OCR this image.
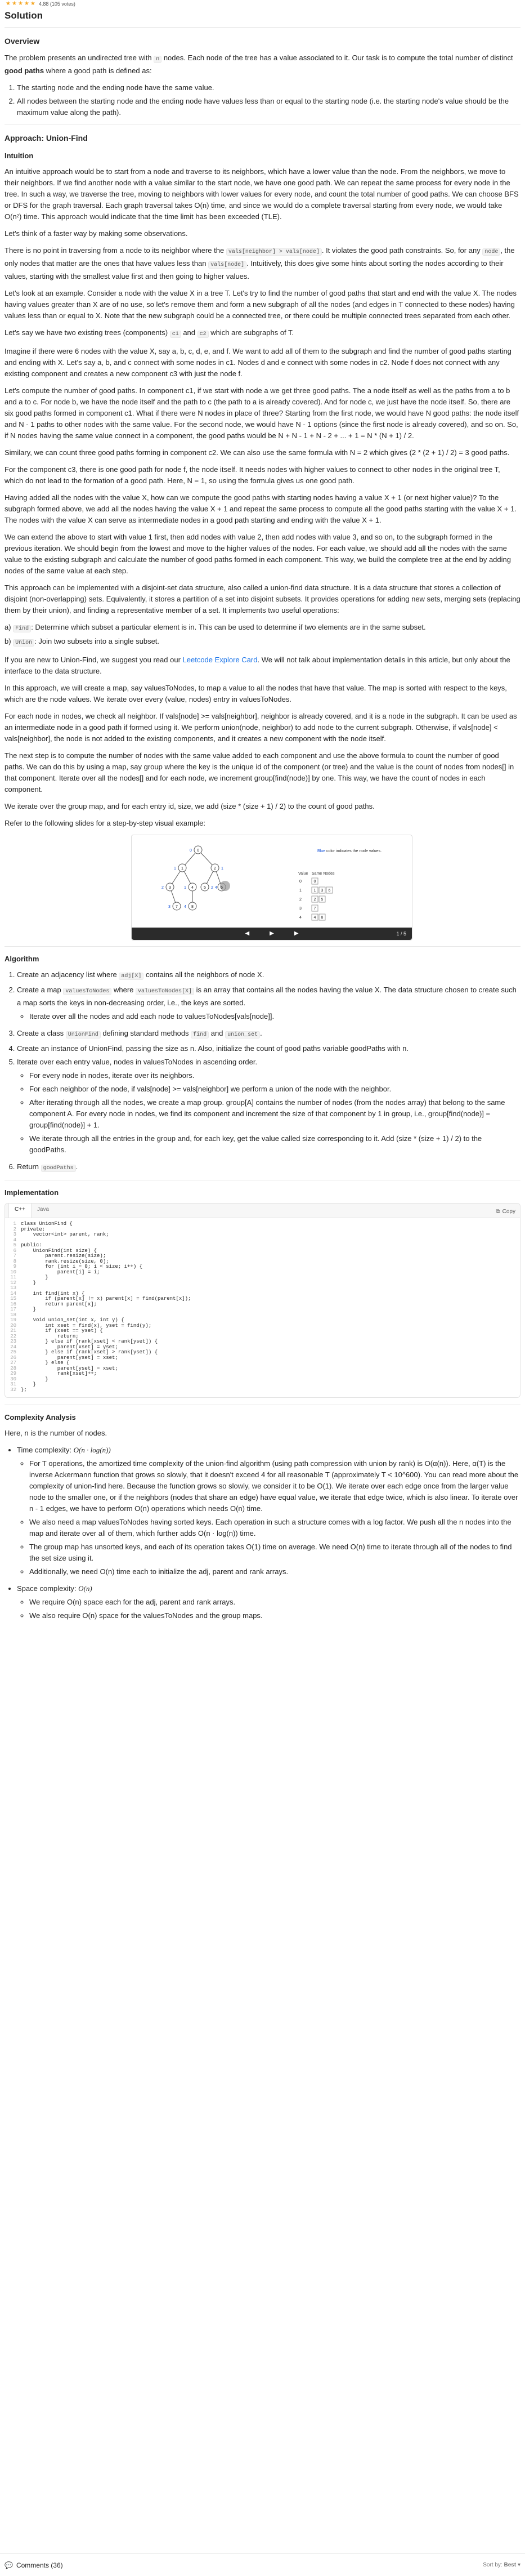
★ ★ ★ ★ ★ 4.88 (105 votes)
Solution
Overview

The problem presents an undirected tree with n nodes. Each node of the tree has a value associated to it. Our task is to compute the total number of distinct good paths where a good path is defined as:

1. The starting node and the ending node have the same value.
2. All nodes between the starting node and the ending node have values less than or equal to the starting node (i.e. the starting node's value should be the maximum value along the path).
Approach: Union-Find
Intuition

An intuitive approach would be to start from a node and traverse to its neighbors, which have a lower value than the node. From the neighbors, we move to their neighbors. If we find another node with a value similar to the start node, we have one good path. We can repeat the same process for every node in the tree. In such a way, we traverse the tree, moving to neighbors with lower values for every node, and count the total number of good paths. We can choose BFS or DFS for the graph traversal. Each graph traversal takes O(n) time, and since we would do a complete traversal starting from every node, we would take O(n²) time. This approach would indicate that the time limit has been exceeded (TLE).

Let's think of a faster way by making some observations.

There is no point in traversing from a node to its neighbor where the vals[neighbor] > vals[node] . It violates the good path constraints. So, for any node , the only nodes that matter are the ones that have values less than vals[node] . Intuitively, this does give some hints about sorting the nodes according to their values, starting with the smallest value first and then going to higher values.

Let's look at an example. Consider a node with the value X in a tree T. Let's try to find the number of good paths that start and end with the value X. The nodes having values greater than X are of no use, so let's remove them and form a new subgraph of all the nodes (and edges in T connected to these nodes) having values less than or equal to X. Note that the new subgraph could be a connected tree, or there could be multiple connected trees separated from each other.

Let's say we have two existing trees (components) c1 and c2 which are subgraphs of T.

Imagine if there were 6 nodes with the value X, say a, b, c, d, e, and f. We want to add all of them to the subgraph and find the number of good paths starting and ending with X. Let's say a, b, and c connect with some nodes in c1. Nodes d and e connect with some nodes in c2. Node f does not connect with any existing component and creates a new component c3 with just the node f.

Let's compute the number of good paths. In component c1, if we start with node a we get three good paths. The a node itself as well as the paths from a to b and a to c. For node b, we have the node itself and the path to c (the path to a is already covered). And for node c, we just have the node itself. So, there are six good paths formed in component c1. What if there were N nodes in place of three? Starting from the first node, we would have N good paths: the node itself and N - 1 paths to other nodes with the same value. For the second node, we would have N - 1 options (since the first node is already covered), and so on. So, if N nodes having the same value connect in a component, the good paths would be N + N - 1 + N - 2 + ... + 1 = N * (N + 1) / 2.

Similary, we can count three good paths forming in component c2. We can also use the same formula with N = 2 which gives (2 * (2 + 1) / 2) = 3 good paths.

For the component c3, there is one good path for node f, the node itself. It needs nodes with higher values to connect to other nodes in the original tree T, which do not lead to the formation of a good path. Here, N = 1, so using the formula gives us one good path.

Having added all the nodes with the value X, how can we compute the good paths with starting nodes having a value X + 1 (or next higher value)? To the subgraph formed above, we add all the nodes having the value X + 1 and repeat the same process to compute all the good paths starting with the value X + 1. The nodes with the value X can serve as intermediate nodes in a good path starting and ending with the value X + 1.

We can extend the above to start with value 1 first, then add nodes with value 2, then add nodes with value 3, and so on, to the subgraph formed in the previous iteration. We should begin from the lowest and move to the higher values of the nodes. For each value, we should add all the nodes with the same value to the existing subgraph and calculate the number of good paths formed in each component. This way, we build the complete tree at the end by adding nodes of the same value at each step.

This approach can be implemented with a disjoint-set data structure, also called a union-find data structure. It is a data structure that stores a collection of disjoint (non-overlapping) sets. Equivalently, it stores a partition of a set into disjoint subsets. It provides operations for adding new sets, merging sets (replacing them by their union), and finding a representative member of a set. It implements two useful operations:

a) Find : Determine which subset a particular element is in. This can be used to determine if two elements are in the same subset.

b) Union : Join two subsets into a single subset.

If you are new to Union-Find, we suggest you read our Leetcode Explore Card. We will not talk about implementation details in this article, but only about the interface to the data structure.

In this approach, we will create a map, say valuesToNodes, to map a value to all the nodes that have that value. The map is sorted with respect to the keys, which are the node values. We iterate over every (value, nodes) entry in valuesToNodes.

For each node in nodes, we check all neighbor. If vals[node] >= vals[neighbor], neighbor is already covered, and it is a node in the subgraph. It can be used as an intermediate node in a good path if formed using it. We perform union(node, neighbor) to add node to the current subgraph. Otherwise, if vals[node] < vals[neighbor], the node is not added to the existing components, and it creates a new component with the node itself.

The next step is to compute the number of nodes with the same value added to each component and use the above formula to count the number of good paths. We can do this by using a map, say group where the key is the unique id of the component (or tree) and the value is the count of nodes from nodes[] in that component. Iterate over all the nodes[] and for each node, we increment group[find(node)] by one. This way, we have the count of nodes in each component.

We iterate over the group map, and for each entry id, size, we add (size * (size + 1) / 2) to the count of good paths.

Refer to the following slides for a step-by-step visual example:

0
1	2
3	4	5	6
7	8
0
1	1
2	1	2 4
3	4
Blue color indicates the node values.
Value Same Nodes
0	0
1	1 3 6
2	2 5
3	7
4	4 8
◀	▶	▶	1 / 5
Algorithm
1. Create an adjacency list where adj[X] contains all the neighbors of node X.
2. Create a map valuesToNodes where valuesToNodes[X] is an array that contains all the nodes having the value X. The data structure chosen to create such a map sorts the keys in non-decreasing order, i.e., the keys are sorted.
◦ Iterate over all the nodes and add each node to valuesToNodes[vals[node]].
3. Create a class UnionFind defining standard methods find and union_set .
4. Create an instance of UnionFind, passing the size as n. Also, initialize the count of good paths variable goodPaths with n.
5. Iterate over each entry value, nodes in valuesToNodes in ascending order.
◦ For every node in nodes, iterate over its neighbors.
◦ For each neighbor of the node, if vals[node] >= vals[neighbor] we perform a union of the node with the neighbor.
◦ After iterating through all the nodes, we create a map group. group[A] contains the number of nodes (from the nodes array) that belong to the same component A. For every node in nodes, we find its component and increment the size of that component by 1 in group, i.e., group[find(node)] = group[find(node)] + 1.
◦ We iterate through all the entries in the group and, for each key, get the value called size corresponding to it. Add (size * (size + 1) / 2) to the goodPaths.
6. Return goodPaths .
Implementation
C++	Java	⧉ Copy
1 class UnionFind {
2 private:
3 vector<int> parent, rank;
4
5 public:
6 UnionFind(int size) {
7 parent.resize(size);
8 rank.resize(size, 0);
9 for (int i = 0; i < size; i++) {
10 parent[i] = i;
11 }
12 }
13
14 int find(int x) {
15 if (parent[x] != x) parent[x] = find(parent[x]);
16 return parent[x];
17 }
18
19 void union_set(int x, int y) {
20 int xset = find(x), yset = find(y);
21 if (xset == yset) {
22 return;
23 } else if (rank[xset] < rank[yset]) {
24 parent[xset] = yset;
25 } else if (rank[xset] > rank[yset]) {
26 parent[yset] = xset;
27 } else {
28 parent[yset] = xset;
29 rank[xset]++;
30 }
31 }
32 };
Complexity Analysis

Here, n is the number of nodes.

• Time complexity: O(n · log(n))
◦ For T operations, the amortized time complexity of the union-find algorithm (using path compression with union by rank) is O(α(n)). Here, α(T) is the inverse Ackermann function that grows so slowly, that it doesn't exceed 4 for all reasonable T (approximately T < 10^600). You can read more about the complexity of union-find here. Because the function grows so slowly, we consider it to be O(1). We iterate over each edge once from the larger value node to the smaller one, or if the neighbors (nodes that share an edge) have equal value, we iterate that edge twice, which is also linear. To iterate over n - 1 edges, we have to perform O(n) operations which needs O(n) time.
◦ We also need a map valuesToNodes having sorted keys. Each operation in such a structure comes with a log factor. We push all the n nodes into the map and iterate over all of them, which further adds O(n · log(n)) time.
◦ The group map has unsorted keys, and each of its operation takes O(1) time on average. We need O(n) time to iterate through all of the nodes to find the set size using it.
◦ Additionally, we need O(n) time each to initialize the adj, parent and rank arrays.
• Space complexity: O(n)
◦ We require O(n) space each for the adj, parent and rank arrays.
◦ We also require O(n) space for the valuesToNodes and the group maps.
💬 Comments (36)	Sort by: Best ▾
